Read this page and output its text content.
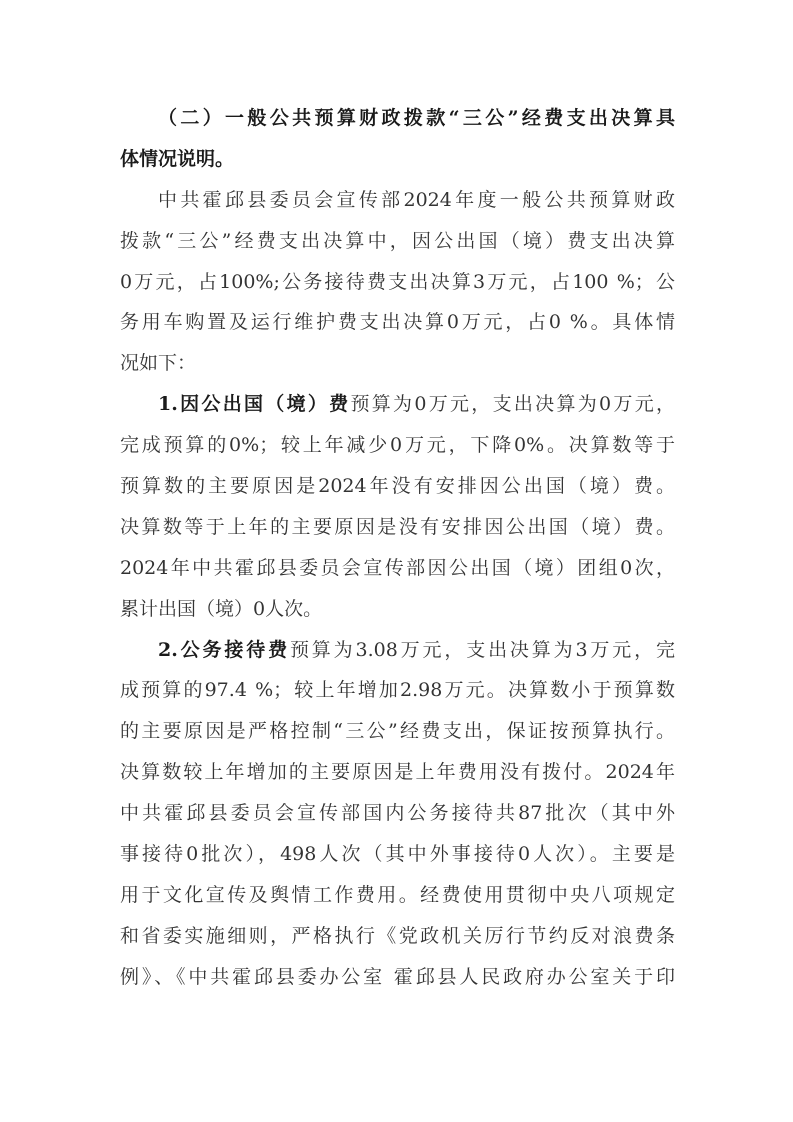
（二）一般公共预算财政拨款“三公”经费支出决算具
体情况说明。
中共霍邱县委员会宣传部2024年度一般公共预算财政
拨款“三公”经费支出决算中，因公出国（境）费支出决算
0万元，占100%;公务接待费支出决算3万元，占100 %；公
务用车购置及运行维护费支出决算0万元，占0 %。具体情
况如下：
1.因公出国（境）费预算为0万元，支出决算为0万元，
完成预算的0%；较上年减少0万元，下降0%。决算数等于
预算数的主要原因是2024年没有安排因公出国（境）费。
决算数等于上年的主要原因是没有安排因公出国（境）费。
2024年中共霍邱县委员会宣传部因公出国（境）团组0次，
累计出国（境）0人次。
2.公务接待费预算为3.08万元，支出决算为3万元，完
成预算的97.4 %；较上年增加2.98万元。决算数小于预算数
的主要原因是严格控制“三公”经费支出，保证按预算执行。
决算数较上年增加的主要原因是上年费用没有拨付。2024年
中共霍邱县委员会宣传部国内公务接待共87批次（其中外
事接待0批次），498人次（其中外事接待0人次）。主要是
用于文化宣传及舆情工作费用。经费使用贯彻中央八项规定
和省委实施细则，严格执行《党政机关厉行节约反对浪费条
例》、《中共霍邱县委办公室 霍邱县人民政府办公室关于印
